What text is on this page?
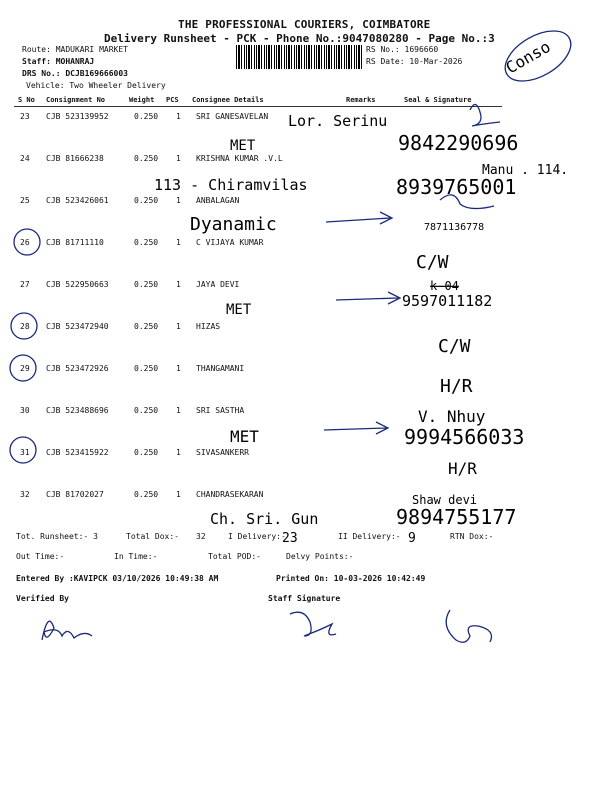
THE PROFESSIONAL COURIERS, COIMBATORE
Delivery Runsheet - PCK - Phone No.:9047080280 - Page No.:3
Route: MADUKARI MARKET
Staff: MOHANRAJ
DRS No.: DCJB169666003
Vehicle: Two Wheeler Delivery
RS No.: 1696660
RS Date: 10-Mar-2026
S No Consignment No	Weight PCS Consignee Details	Remarks	Seal & Signature
23 CJB 523139952	0.250 1 SRI GANESAVELAN
24 CJB 81666238	0.250 1 KRISHNA KUMAR .V.L
25 CJB 523426061	0.250 1 ANBALAGAN
26 CJB 81711110	0.250 1 C VIJAYA KUMAR
27 CJB 522950663	0.250 1 JAYA DEVI
28 CJB 523472940	0.250 1 HIZAS
29 CJB 523472926	0.250 1 THANGAMANI
30 CJB 523488696	0.250 1 SRI SASTHA
31 CJB 523415922	0.250 1 SIVASANKERR
32 CJB 81702027	0.250 1 CHANDRASEKARAN
Tot. Runsheet:- 3	Total Dox:- 32	I Delivery:-	II Delivery:-	RTN Dox:-
Out Time:-	In Time:-	Total POD:-	Delvy Points:-
Entered By :KAVIPCK 03/10/2026 10:49:38 AM	Printed On: 10-03-2026 10:42:49
Verified By	Staff Signature
Conso
Lor. Serinu
9842290696
MET
Manu . 114.
113 - Chiramvilas	8939765001
Dyanamic	7871136778
C/W
k-04
MET	9597011182
C/W
H/R
V. Nhuy
MET	9994566033
H/R
Shaw devi
Ch. Sri. Gun	9894755177
23	9
